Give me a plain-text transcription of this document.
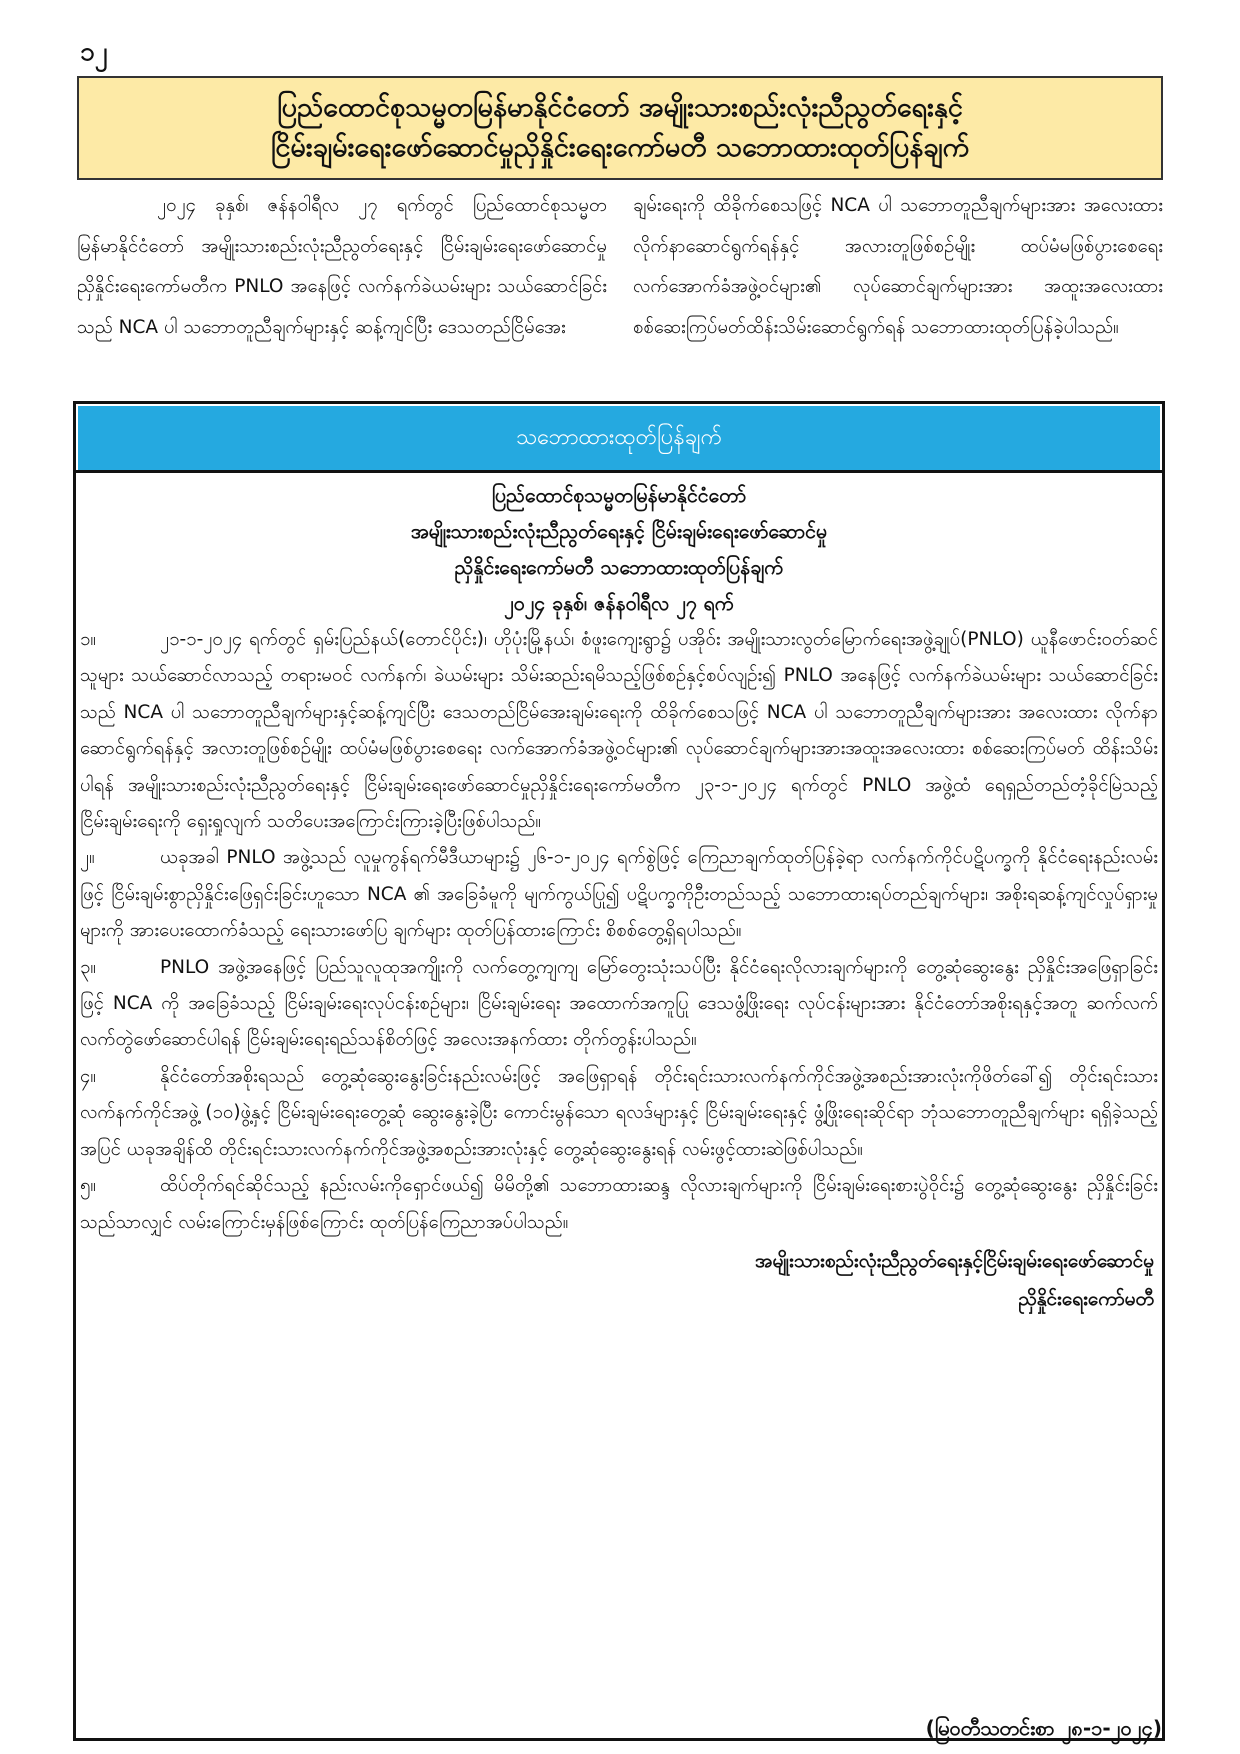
၁၂
ပြည်ထောင်စုသမ္မတမြန်မာနိုင်ငံတော် အမျိုးသားစည်းလုံးညီညွတ်ရေးနှင့်
ငြိမ်းချမ်းရေးဖော်ဆောင်မှုညှိနှိုင်းရေးကော်မတီ သဘောထားထုတ်ပြန်ချက်

၂၀၂၄ ခုနှစ်၊ ဇန်နဝါရီလ ၂၇ ရက်တွင် ပြည်ထောင်စုသမ္မတမြန်မာနိုင်ငံတော် အမျိုးသားစည်းလုံးညီညွတ်ရေးနှင့် ငြိမ်းချမ်းရေးဖော်ဆောင်မှုညှိနှိုင်းရေးကော်မတီက PNLO အနေဖြင့် လက်နက်ခဲယမ်းများ သယ်ဆောင်ခြင်းသည် NCA ပါ သဘောတူညီချက်များနှင့် ဆန့်ကျင်ပြီး ဒေသတည်ငြိမ်အေး

ချမ်းရေးကို ထိခိုက်စေသဖြင့် NCA ပါ သဘောတူညီချက်များအား အလေးထားလိုက်နာဆောင်ရွက်ရန်နှင့် အလားတူဖြစ်စဉ်မျိုး ထပ်မံမဖြစ်ပွားစေရေး လက်အောက်ခံအဖွဲ့ဝင်များ၏ လုပ်ဆောင်ချက်များအား အထူးအလေးထား စစ်ဆေးကြပ်မတ်ထိန်းသိမ်းဆောင်ရွက်ရန် သဘောထားထုတ်ပြန်ခဲ့ပါသည်။

သဘောထားထုတ်ပြန်ချက်
ပြည်ထောင်စုသမ္မတမြန်မာနိုင်ငံတော်
အမျိုးသားစည်းလုံးညီညွတ်ရေးနှင့် ငြိမ်းချမ်းရေးဖော်ဆောင်မှု
ညှိနှိုင်းရေးကော်မတီ သဘောထားထုတ်ပြန်ချက်
၂၀၂၄ ခုနှစ်၊ ဇန်နဝါရီလ ၂၇ ရက်

၁။	၂၁-၁-၂၀၂၄ ရက်တွင် ရှမ်းပြည်နယ်(တောင်ပိုင်း)၊ ဟိုပုံးမြို့နယ်၊ စံဖူးကျေးရွာ၌ ပအိုဝ်း အမျိုးသားလွတ်မြောက်ရေးအဖွဲ့ချုပ်(PNLO) ယူနီဖောင်းဝတ်ဆင်သူများ သယ်ဆောင်လာသည့် တရားမဝင် လက်နက်၊ ခဲယမ်းများ သိမ်းဆည်းရမိသည့်ဖြစ်စဉ်နှင့်စပ်လျဉ်း၍ PNLO အနေဖြင့် လက်နက်ခဲယမ်းများ သယ်ဆောင်ခြင်းသည် NCA ပါ သဘောတူညီချက်များနှင့်ဆန့်ကျင်ပြီး ဒေသတည်ငြိမ်အေးချမ်းရေးကို ထိခိုက်စေသဖြင့် NCA ပါ သဘောတူညီချက်များအား အလေးထား လိုက်နာဆောင်ရွက်ရန်နှင့် အလားတူဖြစ်စဉ်မျိုး ထပ်မံမဖြစ်ပွားစေရေး လက်အောက်ခံအဖွဲ့ဝင်များ၏ လုပ်ဆောင်ချက်များအားအထူးအလေးထား စစ်ဆေးကြပ်မတ် ထိန်းသိမ်းပါရန် အမျိုးသားစည်းလုံးညီညွတ်ရေးနှင့် ငြိမ်းချမ်းရေးဖော်ဆောင်မှုညှိနှိုင်းရေးကော်မတီက ၂၃-၁-၂၀၂၄ ရက်တွင် PNLO အဖွဲ့ထံ ရေရှည်တည်တံ့ခိုင်မြဲသည့် ငြိမ်းချမ်းရေးကို ရှေးရှုလျက် သတိပေးအကြောင်းကြားခဲ့ပြီးဖြစ်ပါသည်။

၂။	ယခုအခါ PNLO အဖွဲ့သည် လူမှုကွန်ရက်မီဒီယာများ၌ ၂၆-၁-၂၀၂၄ ရက်စွဲဖြင့် ကြေညာချက်ထုတ်ပြန်ခဲ့ရာ လက်နက်ကိုင်ပဋိပက္ခကို နိုင်ငံရေးနည်းလမ်းဖြင့် ငြိမ်းချမ်းစွာညှိနှိုင်းဖြေရှင်းခြင်းဟူသော NCA ၏ အခြေခံမူကို မျက်ကွယ်ပြု၍ ပဋိပက္ခကိုဦးတည်သည့် သဘောထားရပ်တည်ချက်များ၊ အစိုးရဆန့်ကျင်လှုပ်ရှားမှုများကို အားပေးထောက်ခံသည့် ရေးသားဖော်ပြ ချက်များ ထုတ်ပြန်ထားကြောင်း စိစစ်တွေ့ရှိရပါသည်။

၃။	PNLO အဖွဲ့အနေဖြင့် ပြည်သူလူထုအကျိုးကို လက်တွေ့ကျကျ မြော်တွေးသုံးသပ်ပြီး နိုင်ငံရေးလိုလားချက်များကို တွေ့ဆုံဆွေးနွေး ညှိနှိုင်းအဖြေရှာခြင်းဖြင့် NCA ကို အခြေခံသည့် ငြိမ်းချမ်းရေးလုပ်ငန်းစဉ်များ၊ ငြိမ်းချမ်းရေး အထောက်အကူပြု ဒေသဖွံ့ဖြိုးရေး လုပ်ငန်းများအား နိုင်ငံတော်အစိုးရနှင့်အတူ ဆက်လက်လက်တွဲဖော်ဆောင်ပါရန် ငြိမ်းချမ်းရေးရည်သန်စိတ်ဖြင့် အလေးအနက်ထား တိုက်တွန်းပါသည်။

၄။	နိုင်ငံတော်အစိုးရသည် တွေ့ဆုံဆွေးနွေးခြင်းနည်းလမ်းဖြင့် အဖြေရှာရန် တိုင်းရင်းသားလက်နက်ကိုင်အဖွဲ့အစည်းအားလုံးကိုဖိတ်ခေါ်၍ တိုင်းရင်းသားလက်နက်ကိုင်အဖွဲ့ (၁၀)ဖွဲ့နှင့် ငြိမ်းချမ်းရေးတွေ့ဆုံ ဆွေးနွေးခဲ့ပြီး ကောင်းမွန်သော ရလဒ်များနှင့် ငြိမ်းချမ်းရေးနှင့် ဖွံ့ဖြိုးရေးဆိုင်ရာ ဘုံသဘောတူညီချက်များ ရရှိခဲ့သည့်အပြင် ယခုအချိန်ထိ တိုင်းရင်းသားလက်နက်ကိုင်အဖွဲ့အစည်းအားလုံးနှင့် တွေ့ဆုံဆွေးနွေးရန် လမ်းဖွင့်ထားဆဲဖြစ်ပါသည်။

၅။	ထိပ်တိုက်ရင်ဆိုင်သည့် နည်းလမ်းကိုရှောင်ဖယ်၍ မိမိတို့၏ သဘောထားဆန္ဒ လိုလားချက်များကို ငြိမ်းချမ်းရေးစားပွဲဝိုင်း၌ တွေ့ဆုံဆွေးနွေး ညှိနှိုင်းခြင်းသည်သာလျှင် လမ်းကြောင်းမှန်ဖြစ်ကြောင်း ထုတ်ပြန်ကြေညာအပ်ပါသည်။

အမျိုးသားစည်းလုံးညီညွတ်ရေးနှင့်ငြိမ်းချမ်းရေးဖော်ဆောင်မှု
ညှိနှိုင်းရေးကော်မတီ
(မြဝတီသတင်းစာ ၂၈-၁-၂၀၂၄)
